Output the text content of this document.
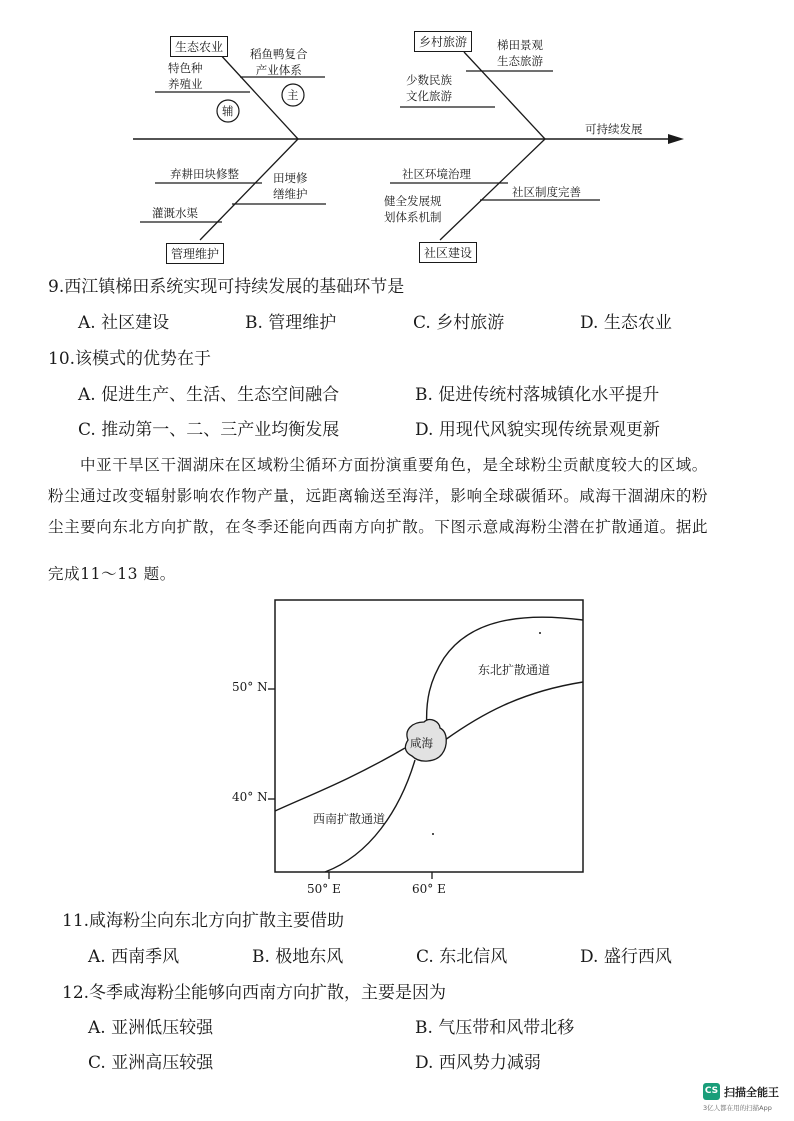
生态农业	乡村旅游
管理维护	社区建设
特色种
养殖业
稻鱼鸭复合
产业体系
辅
主
梯田景观
生态旅游
少数民族
文化旅游
可持续发展
弃耕田块修整
灌溉水渠
田埂修
缮维护
社区环境治理
健全发展规
划体系机制
社区制度完善
9.西江镇梯田系统实现可持续发展的基础环节是
A. 社区建设	B. 管理维护	C. 乡村旅游	D. 生态农业
10.该模式的优势在于
A. 促进生产、生活、生态空间融合	B. 促进传统村落城镇化水平提升
C. 推动第一、二、三产业均衡发展	D. 用现代风貌实现传统景观更新
中亚干旱区干涸湖床在区域粉尘循环方面扮演重要角色，是全球粉尘贡献度较大的区域。
粉尘通过改变辐射影响农作物产量，远距离输送至海洋，影响全球碳循环。咸海干涸湖床的粉
尘主要向东北方向扩散，在冬季还能向西南方向扩散。下图示意咸海粉尘潜在扩散通道。据此
完成11～13 题。
50° N
40° N
50° E	60° E
东北扩散通道
西南扩散通道
咸海
11.咸海粉尘向东北方向扩散主要借助
A. 西南季风	B. 极地东风	C. 东北信风	D. 盛行西风
12.冬季咸海粉尘能够向西南方向扩散，主要是因为
A. 亚洲低压较强	B. 气压带和风带北移
C. 亚洲高压较强	D. 西风势力减弱
CS 扫描全能王
3亿人都在用的扫描App
